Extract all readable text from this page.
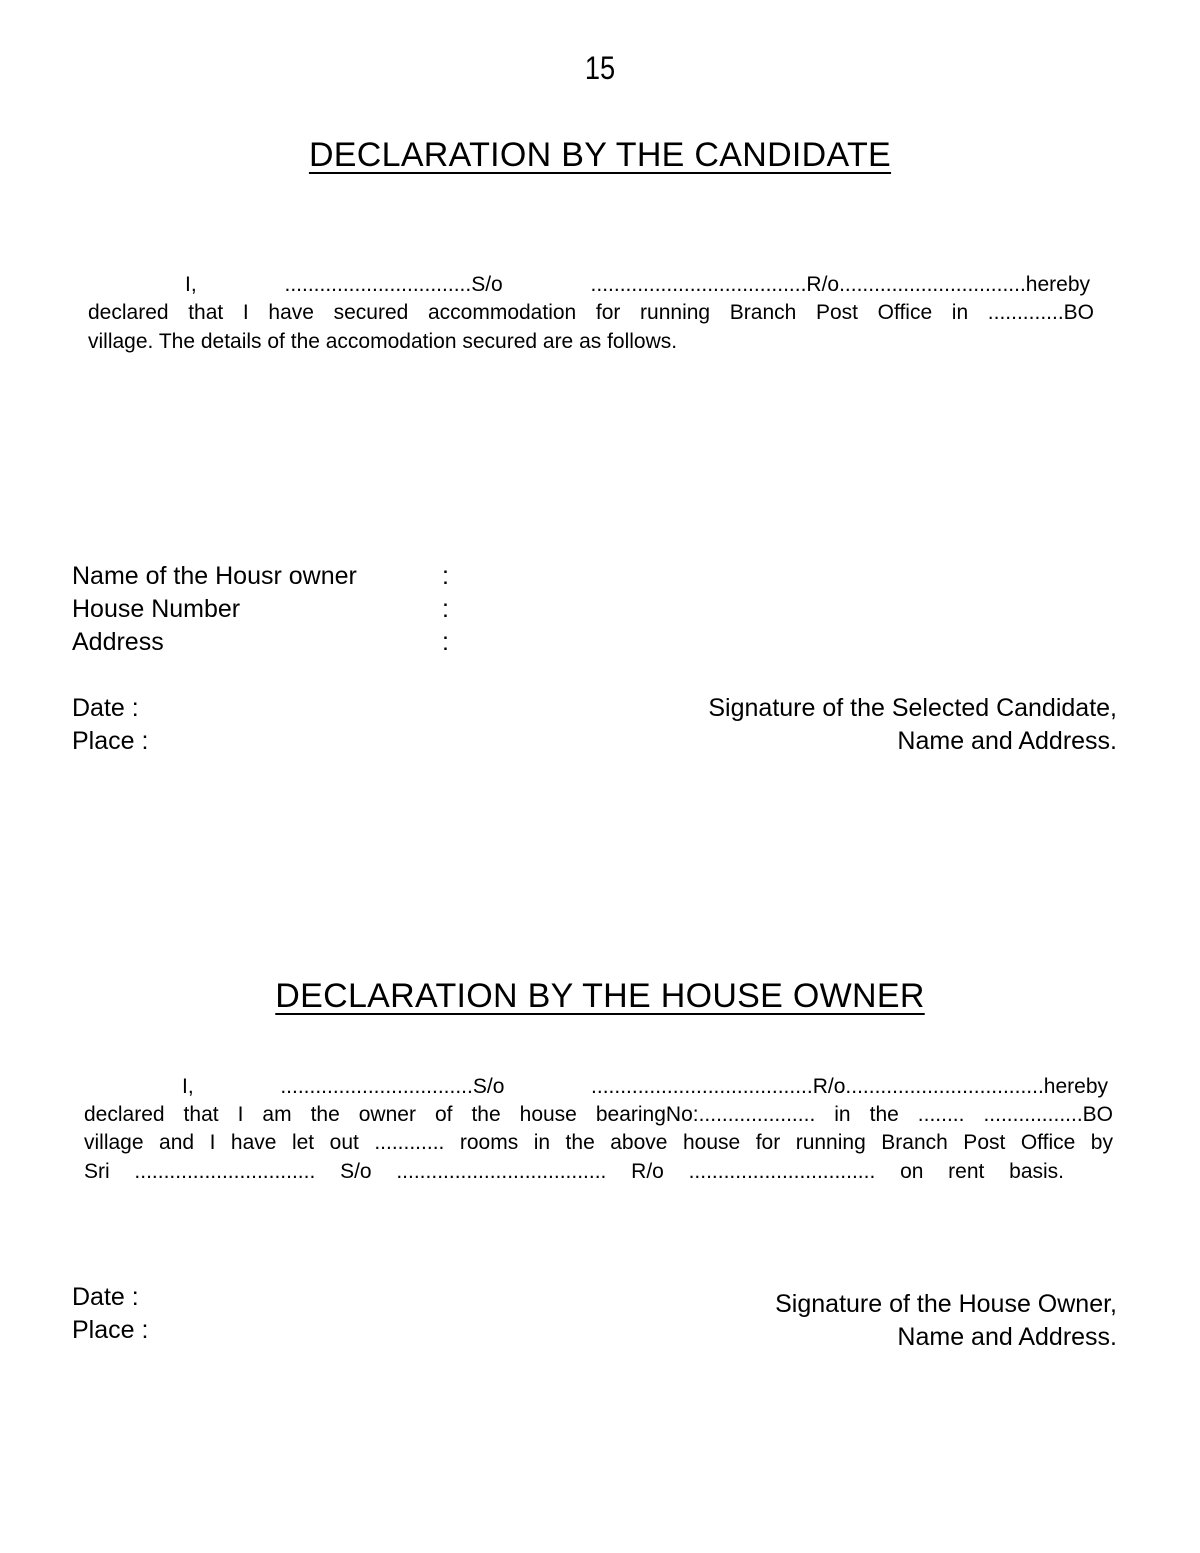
15
DECLARATION BY THE CANDIDATE
I, ................................S/o .....................................R/o................................hereby
declared that I have secured accommodation for running Branch Post Office in .............BO
village. The details of the accomodation secured are as follows.
Name of the Housr owner	:
House Number	:
Address	:
Date :
Place :
Signature of the Selected Candidate,
Name and Address.
DECLARATION BY THE HOUSE OWNER
I, .................................S/o ......................................R/o..................................hereby
declared that I am the owner of the house bearingNo:.................... in the ........ .................BO
village and I have let out ............ rooms in the above house for running Branch Post Office by
Sri ............................... S/o .................................... R/o ................................ on rent basis.
Date :
Place :
Signature of the House Owner,
Name and Address.
